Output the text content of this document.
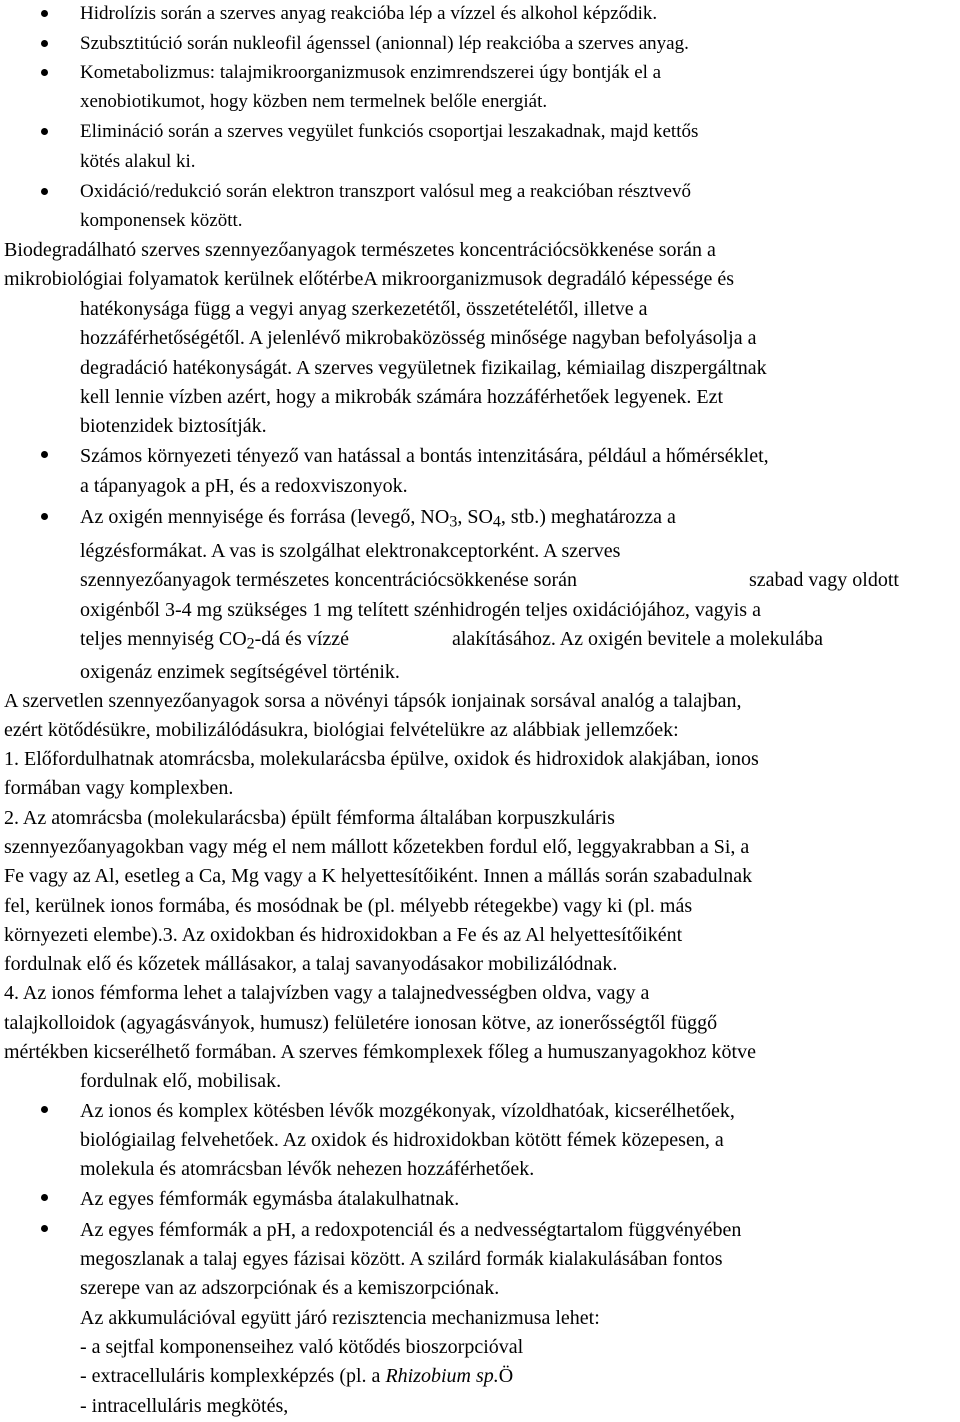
Hidrolízis során a szerves anyag reakcióba lép a vízzel és alkohol képződik.
Szubsztitúció során nukleofil ágenssel (anionnal) lép reakcióba a szerves anyag.
Kometabolizmus: talajmikroorganizmusok enzimrendszerei úgy bontják el a
xenobiotikumot, hogy közben nem termelnek belőle energiát.
Elimináció során a szerves vegyület funkciós csoportjai leszakadnak, majd kettős
kötés alakul ki.
Oxidáció/redukció során elektron transzport valósul meg a reakcióban résztvevő
komponensek között.
Biodegradálható szerves szennyezőanyagok természetes koncentrációcsökkenése során a
mikrobiológiai folyamatok kerülnek előtérbeA mikroorganizmusok degradáló képessége és
hatékonysága függ a vegyi anyag szerkezetétől, összetételétől, illetve a
hozzáférhetőségétől. A jelenlévő mikrobaközösség minősége nagyban befolyásolja a
degradáció hatékonyságát. A szerves vegyületnek fizikailag, kémiailag diszpergáltnak
kell lennie vízben azért, hogy a mikrobák számára hozzáférhetőek legyenek. Ezt
biotenzidek biztosítják.
Számos környezeti tényező van hatással a bontás intenzitására, például a hőmérséklet,
a tápanyagok a pH, és a redoxviszonyok.
Az oxigén mennyisége és forrása (levegő, $NO_3$, $SO_4$, stb.) meghatározza a
légzésformákat. A vas is szolgálhat elektronakceptorként. A szerves
szennyezőanyagok természetes koncentrációcsökkenése során	szabad vagy oldott
oxigénből 3-4 mg szükséges 1 mg telített szénhidrogén teljes oxidációjához, vagyis a
teljes mennyiség $CO_2-dá$ és vízzé	alakításához. Az oxigén bevitele a molekulába
oxigenáz enzimek segítségével történik.
A szervetlen szennyezőanyagok sorsa a növényi tápsók ionjainak sorsával analóg a talajban,
ezért kötődésükre, mobilizálódásukra, biológiai felvételükre az alábbiak jellemzőek:
1. Előfordulhatnak atomrácsba, molekularácsba épülve, oxidok és hidroxidok alakjában, ionos
formában vagy komplexben.
2. Az atomrácsba (molekularácsba) épült fémforma általában korpuszkuláris
szennyezőanyagokban vagy még el nem mállott kőzetekben fordul elő, leggyakrabban a Si, a
Fe vagy az Al, esetleg a Ca, Mg vagy a K helyettesítőiként. Innen a mállás során szabadulnak
fel, kerülnek ionos formába, és mosódnak be (pl. mélyebb rétegekbe) vagy ki (pl. más
környezeti elembe).3. Az oxidokban és hidroxidokban a Fe és az Al helyettesítőiként
fordulnak elő és kőzetek mállásakor, a talaj savanyodásakor mobilizálódnak.
4. Az ionos fémforma lehet a talajvízben vagy a talajnedvességben oldva, vagy a
talajkolloidok (agyagásványok, humusz) felületére ionosan kötve, az ionerősségtől függő
mértékben kicserélhető formában. A szerves fémkomplexek főleg a humuszanyagokhoz kötve
fordulnak elő, mobilisak.
Az ionos és komplex kötésben lévők mozgékonyak, vízoldhatóak, kicserélhetőek,
biológiailag felvehetőek. Az oxidok és hidroxidokban kötött fémek közepesen, a
molekula és atomrácsban lévők nehezen hozzáférhetőek.
Az egyes fémformák egymásba átalakulhatnak.
Az egyes fémformák a pH, a redoxpotenciál és a nedvességtartalom függvényében
megoszlanak a talaj egyes fázisai között. A szilárd formák kialakulásában fontos
szerepe van az adszorpciónak és a kemiszorpciónak.
Az akkumulációval együtt járó rezisztencia mechanizmusa lehet:
- a sejtfal komponenseihez való kötődés bioszorpcióval
- extracelluláris komplexképzés (pl. a Rhizobium sp.Ö
- intracelluláris megkötés,
